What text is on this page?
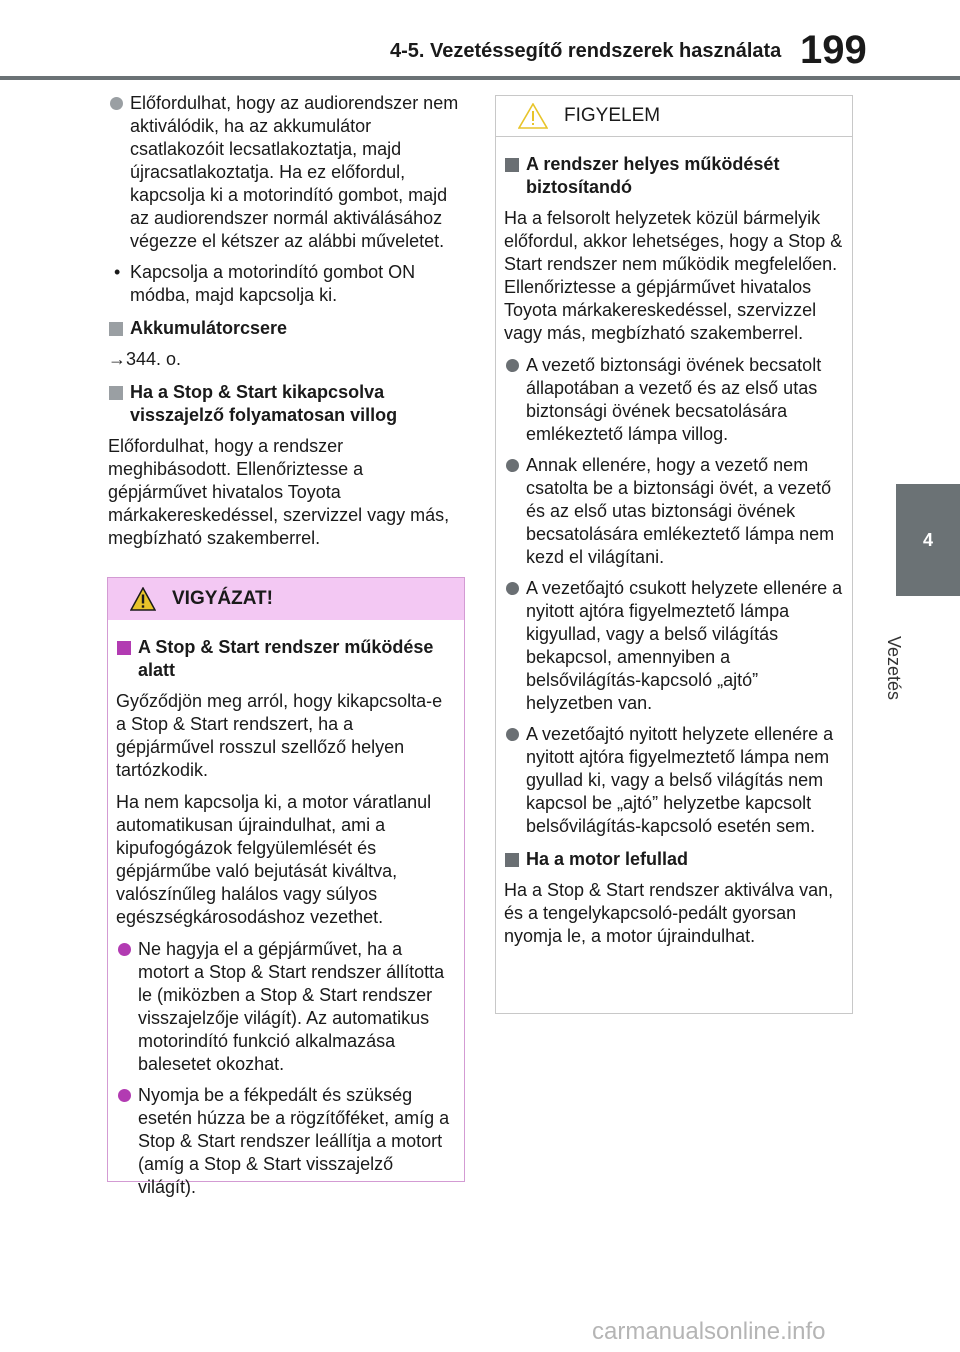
4-5. Vezetéssegítő rendszerek használata 199
4
Vezetés
Előfordulhat, hogy az audiorendszer nem aktiválódik, ha az akkumulátor csatlakozóit lecsatlakoztatja, majd újracsatlakoztatja. Ha ez előfordul, kapcsolja ki a motorindító gombot, majd az audiorendszer normál aktiválásához végezze el kétszer az alábbi műveletet.
• Kapcsolja a motorindító gombot ON módba, majd kapcsolja ki.
Akkumulátorcsere
→344. o.
Ha a Stop & Start kikapcsolva visszajelző folyamatosan villog
Előfordulhat, hogy a rendszer meghibásodott. Ellenőriztesse a gépjárművet hivatalos Toyota márkakereskedéssel, szervizzel vagy más, megbízható szakemberrel.
VIGYÁZAT!
A Stop & Start rendszer működése alatt
Győződjön meg arról, hogy kikapcsolta-e a Stop & Start rendszert, ha a gépjárművel rosszul szellőző helyen tartózkodik.
Ha nem kapcsolja ki, a motor váratlanul automatikusan újraindulhat, ami a kipufogógázok felgyülemlését és gépjárműbe való bejutását kiváltva, valószínűleg halálos vagy súlyos egészségkárosodáshoz vezethet.
Ne hagyja el a gépjárművet, ha a motort a Stop & Start rendszer állította le (miközben a Stop & Start rendszer visszajelzője világít). Az automatikus motorindító funkció alkalmazása balesetet okozhat.
Nyomja be a fékpedált és szükség esetén húzza be a rögzítőféket, amíg a Stop & Start rendszer leállítja a motort (amíg a Stop & Start visszajelző világít).
FIGYELEM
A rendszer helyes működését biztosítandó
Ha a felsorolt helyzetek közül bármelyik előfordul, akkor lehetséges, hogy a Stop & Start rendszer nem működik megfelelően. Ellenőriztesse a gépjárművet hivatalos Toyota márkakereskedéssel, szervizzel vagy más, megbízható szakemberrel.
A vezető biztonsági övének becsatolt állapotában a vezető és az első utas biztonsági övének becsatolására emlékeztető lámpa villog.
Annak ellenére, hogy a vezető nem csatolta be a biztonsági övét, a vezető és az első utas biztonsági övének becsatolására emlékeztető lámpa nem kezd el világítani.
A vezetőajtó csukott helyzete ellenére a nyitott ajtóra figyelmeztető lámpa kigyullad, vagy a belső világítás bekapcsol, amennyiben a belsővilágítás-kapcsoló „ajtó” helyzetben van.
A vezetőajtó nyitott helyzete ellenére a nyitott ajtóra figyelmeztető lámpa nem gyullad ki, vagy a belső világítás nem kapcsol be „ajtó” helyzetbe kapcsolt belsővilágítás-kapcsoló esetén sem.
Ha a motor lefullad
Ha a Stop & Start rendszer aktiválva van, és a tengelykapcsoló-pedált gyorsan nyomja le, a motor újraindulhat.
carmanualsonline.info
